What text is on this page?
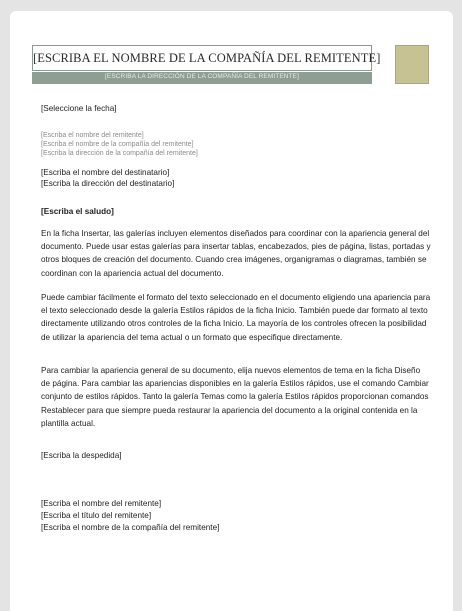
[ESCRIBA EL NOMBRE DE LA COMPAÑÍA DEL REMITENTE]
[ESCRIBA LA DIRECCIÓN DE LA COMPAÑÍA DEL REMITENTE]
[Seleccione la fecha]
[Escriba el nombre del remitente]
[Escriba el nombre de la compañía del remitente]
[Escriba la dirección de la compañía del remitente]
[Escriba el nombre del destinatario]
[Escriba la dirección del destinatario]
[Escriba el saludo]
En la ficha Insertar, las galerías incluyen elementos diseñados para coordinar con la apariencia general del documento. Puede usar estas galerías para insertar tablas, encabezados, pies de página, listas, portadas y otros bloques de creación del documento. Cuando crea imágenes, organigramas o diagramas, también se coordinan con la apariencia actual del documento.
Puede cambiar fácilmente el formato del texto seleccionado en el documento eligiendo una apariencia para el texto seleccionado desde la galería Estilos rápidos de la ficha Inicio. También puede dar formato al texto directamente utilizando otros controles de la ficha Inicio. La mayoría de los controles ofrecen la posibilidad de utilizar la apariencia del tema actual o un formato que especifique directamente.
Para cambiar la apariencia general de su documento, elija nuevos elementos de tema en la ficha Diseño de página. Para cambiar las apariencias disponibles en la galería Estilos rápidos, use el comando Cambiar conjunto de estilos rápidos. Tanto la galería Temas como la galería Estilos rápidos proporcionan comandos Restablecer para que siempre pueda restaurar la apariencia del documento a la original contenida en la plantilla actual.
[Escriba la despedida]
[Escriba el nombre del remitente]
[Escriba el título del remitente]
[Escriba el nombre de la compañía del remitente]
